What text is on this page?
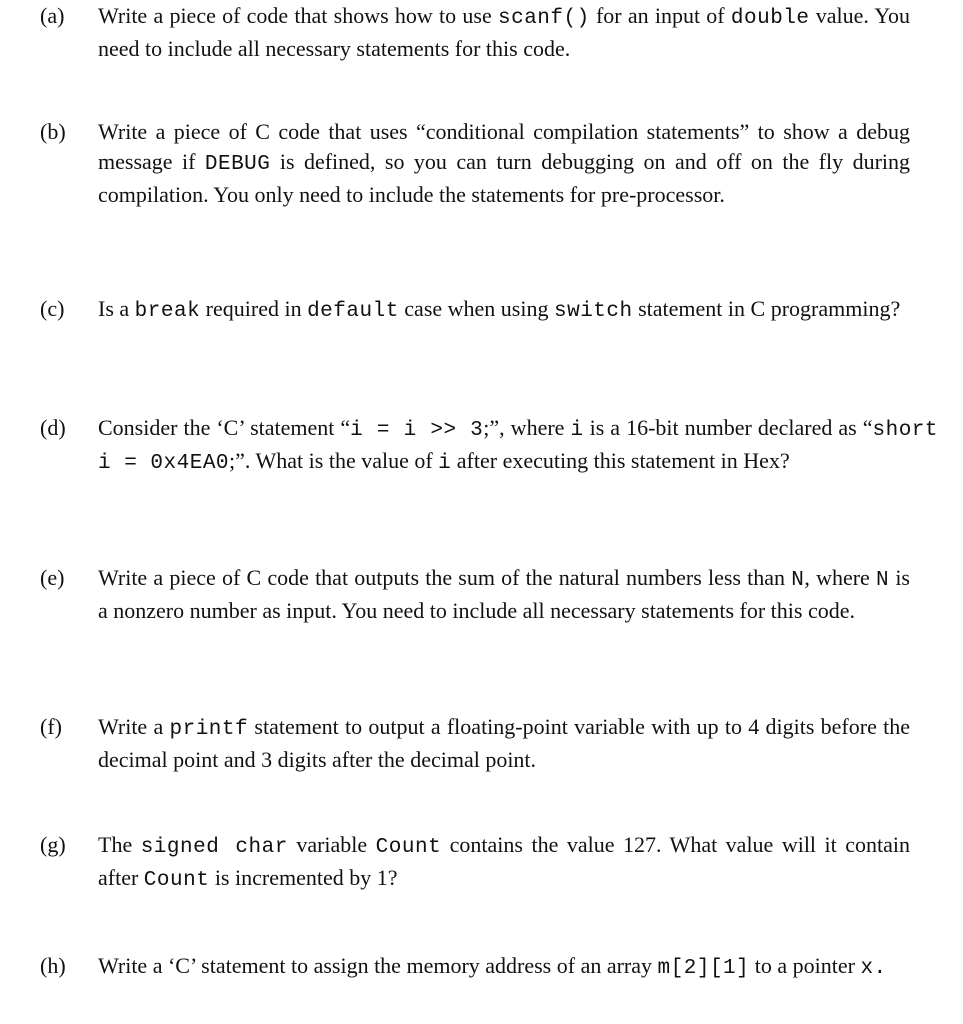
(a) Write a piece of code that shows how to use scanf() for an input of double value. You need to include all necessary statements for this code.
(b) Write a piece of C code that uses “conditional compilation statements” to show a debug message if DEBUG is defined, so you can turn debugging on and off on the fly during compilation. You only need to include the statements for pre-processor.
(c) Is a break required in default case when using switch statement in C programming?
(d) Consider the ‘C’ statement “i = i >> 3;”, where i is a 16-bit number declared as “short i = 0x4EA0;”. What is the value of i after executing this statement in Hex?
(e) Write a piece of C code that outputs the sum of the natural numbers less than N, where N is a nonzero number as input. You need to include all necessary statements for this code.
(f) Write a printf statement to output a floating-point variable with up to 4 digits before the decimal point and 3 digits after the decimal point.
(g) The signed char variable Count contains the value 127. What value will it contain after Count is incremented by 1?
(h) Write a ‘C’ statement to assign the memory address of an array m[2][1] to a pointer x.
